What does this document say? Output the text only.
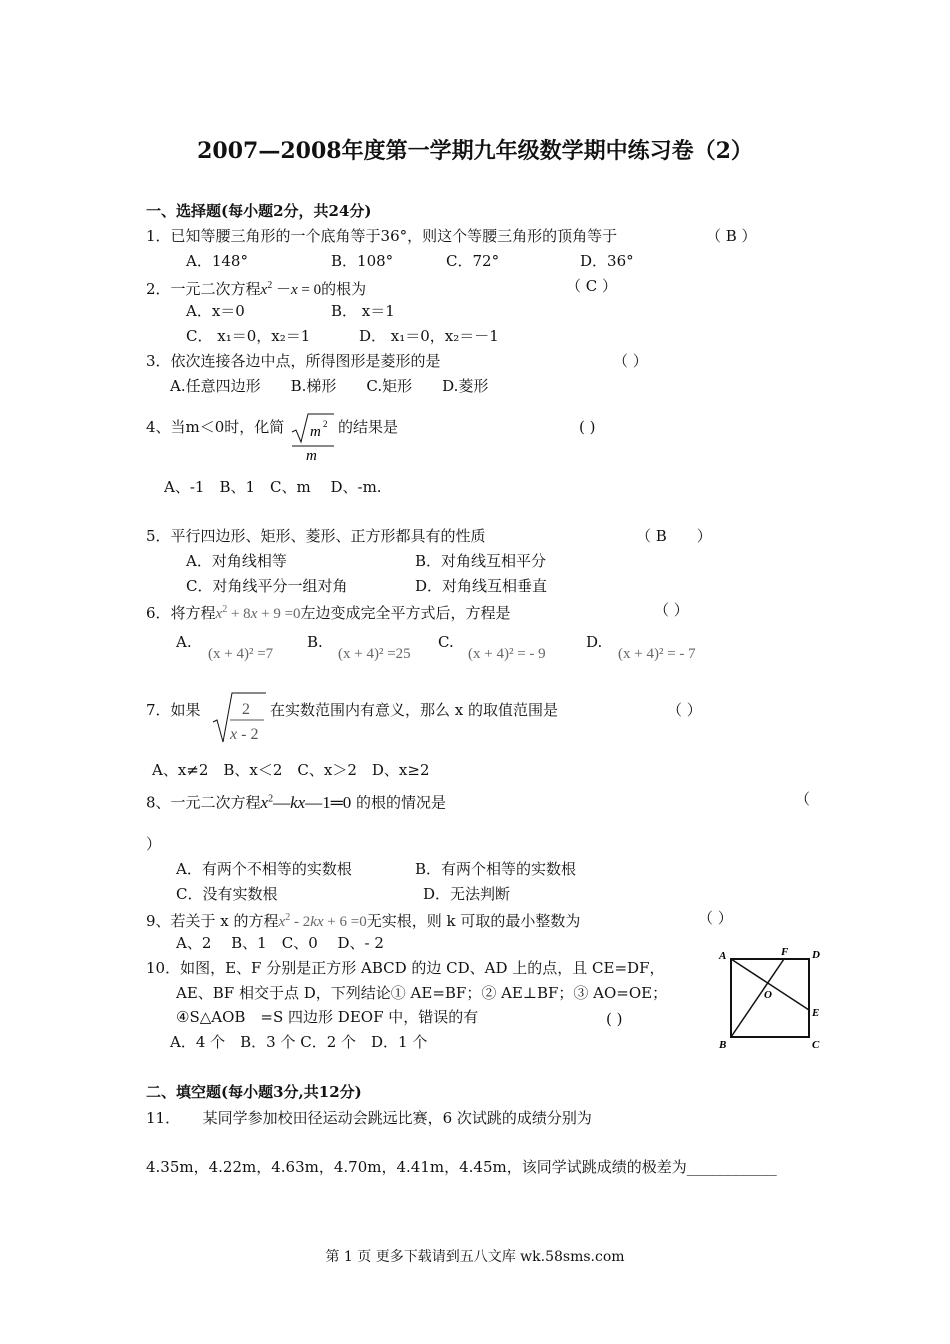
2007—2008年度第一学期九年级数学期中练习卷（2）
一、选择题(每小题2分，共24分)
1．已知等腰三角形的一个底角等于36°，则这个等腰三角形的顶角等于	（ B ）
A．148°	B．108°	C．72°	D．36°
2．一元二次方程$x^2 -x = 0$的根为	（ C ）
A．x＝0	B． x＝1
C． x₁＝0，x₂＝1	D． x₁＝0，x₂＝－1
3．依次连接各边中点，所得图形是菱形的是	（ ）
A.任意四边形　　B.梯形　　C.矩形　　D.菱形
4、当m＜0时，化简 m 2
m
的结果是	( )
A、-1　B、1　C、m　 D、-m.
5．平行四边形、矩形、菱形、正方形都具有的性质	（ B　　）
A．对角线相等	B．对角线互相平分
C．对角线平分一组对角	D．对角线互相垂直
6．将方程$x^2 + 8x + 9 =0$左边变成完全平方式后，方程是	（ ）
A.
(x + 4)² =7
B.
(x + 4)² =25
C.
(x + 4)² = - 9
D.
(x + 4)² = - 7
7．如果	2
x - 2
在实数范围内有意义，那么 x 的取值范围是	（ ）
A、x≠2　B、x＜2　C、x＞2　D、x≥2
8、一元二次方程$x^2—kx—1═0$ 的根的情况是	（
）
A．有两个不相等的实数根	B．有两个相等的实数根
C．没有实数根	D．无法判断
9、若关于 x 的方程$x^2 - 2kx + 6 =0$无实根，则 k 可取的最小整数为	（ ）
A、2　 B、1　C、0　 D、- 2
10．如图，E、F 分别是正方形 ABCD 的边 CD、AD 上的点，且 CE=DF，
AE、BF 相交于点 D，下列结论① AE=BF；② AE⊥BF；③ AO=OE；
④S△AOB　=S 四边形 DEOF 中，错误的有	( )
A．4 个　B．3 个 C．2 个　D．1 个
A	F D
O
E
B	C
二、填空题(每小题3分,共12分)
11．　　某同学参加校田径运动会跳远比赛，6 次试跳的成绩分别为
4.35m，4.22m，4.63m，4.70m，4.41m，4.45m，该同学试跳成绩的极差为____________
第 1 页 更多下载请到五八文库 wk.58sms.com
